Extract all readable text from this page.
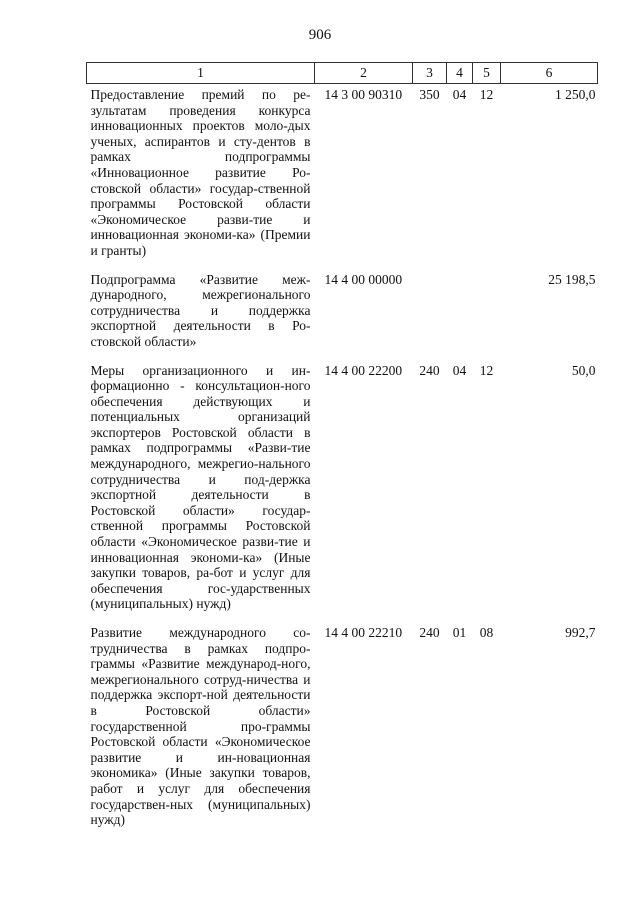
906
1	2	3	4	5	6
Предоставление премий по ре-зультатам проведения конкурса инновационных проектов моло-дых ученых, аспирантов и сту-дентов в рамках подпрограммы «Инновационное развитие Ро-стовской области» государ-ственной программы Ростовской области «Экономическое разви-тие и инновационная экономи-ка» (Премии и гранты)	14 3 00 90310	350	04	12	1 250,0
Подпрограмма «Развитие меж-дународного, межрегионального сотрудничества и поддержка экспортной деятельности в Ро-стовской области»	14 4 00 00000				25 198,5
Меры организационного и ин-формационно - консультацион-ного обеспечения действующих и потенциальных организаций экспортеров Ростовской области в рамках подпрограммы «Разви-тие международного, межрегио-нального сотрудничества и под-держка экспортной деятельности в Ростовской области» государ-ственной программы Ростовской области «Экономическое разви-тие и инновационная экономи-ка» (Иные закупки товаров, ра-бот и услуг для обеспечения гос-ударственных (муниципальных) нужд)	14 4 00 22200	240	04	12	50,0
Развитие международного со-трудничества в рамках подпро-граммы «Развитие международ-ного, межрегионального сотруд-ничества и поддержка экспорт-ной деятельности в Ростовской области» государственной про-граммы Ростовской области «Экономическое развитие и ин-новационная экономика» (Иные закупки товаров, работ и услуг для обеспечения государствен-ных (муниципальных) нужд)	14 4 00 22210	240	01	08	992,7
